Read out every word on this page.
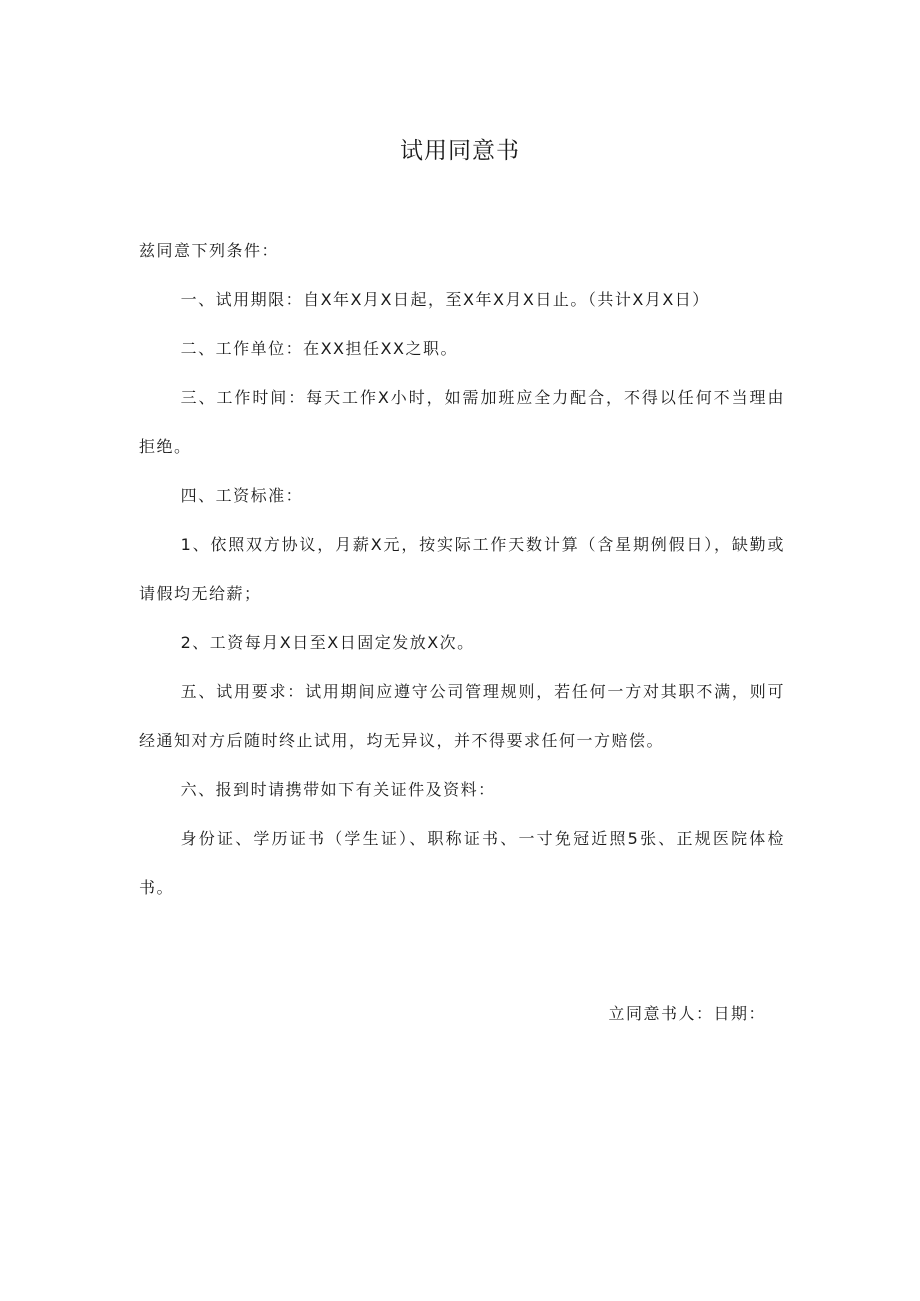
试用同意书

兹同意下列条件：

一、试用期限：自X年X月X日起，至X年X月X日止。（共计X月X日）

二、工作单位：在XX担任XX之职。

三、工作时间：每天工作X小时，如需加班应全力配合，不得以任何不当理由拒绝。

四、工资标准：

1、依照双方协议，月薪X元，按实际工作天数计算（含星期例假日），缺勤或请假均无给薪；

2、工资每月X日至X日固定发放X次。

五、试用要求：试用期间应遵守公司管理规则，若任何一方对其职不满，则可经通知对方后随时终止试用，均无异议，并不得要求任何一方赔偿。

六、报到时请携带如下有关证件及资料：

身份证、学历证书（学生证）、职称证书、一寸免冠近照5张、正规医院体检书。

立同意书人：日期：
